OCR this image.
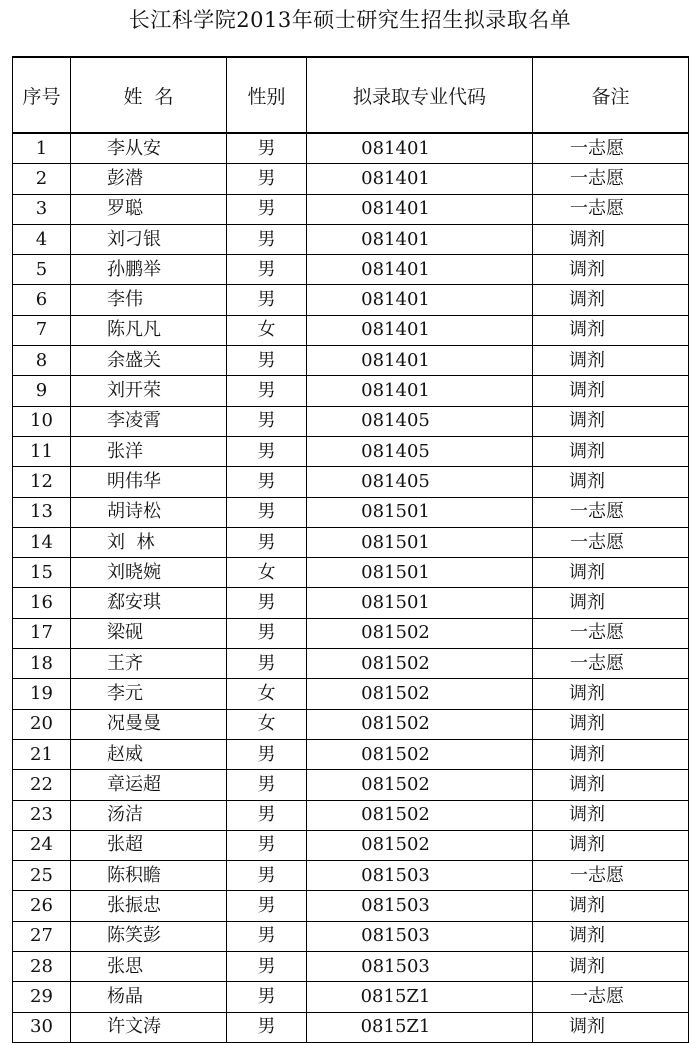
长江科学院2013年硕士研究生招生拟录取名单
序号	姓  名	性别	拟录取专业代码	备注
1	李从安	男	081401	一志愿
2	彭潜	男	081401	一志愿
3	罗聪	男	081401	一志愿
4	刘刁银	男	081401	调剂
5	孙鹏举	男	081401	调剂
6	李伟	男	081401	调剂
7	陈凡凡	女	081401	调剂
8	余盛关	男	081401	调剂
9	刘开荣	男	081401	调剂
10	李凌霄	男	081405	调剂
11	张洋	男	081405	调剂
12	明伟华	男	081405	调剂
13	胡诗松	男	081501	一志愿
14	刘  林	男	081501	一志愿
15	刘晓婉	女	081501	调剂
16	郄安琪	男	081501	调剂
17	梁砚	男	081502	一志愿
18	王齐	男	081502	一志愿
19	李元	女	081502	调剂
20	况曼曼	女	081502	调剂
21	赵威	男	081502	调剂
22	章运超	男	081502	调剂
23	汤洁	男	081502	调剂
24	张超	男	081502	调剂
25	陈积瞻	男	081503	一志愿
26	张振忠	男	081503	调剂
27	陈笑彭	男	081503	调剂
28	张思	男	081503	调剂
29	杨晶	男	0815Z1	一志愿
30	许文涛	男	0815Z1	调剂
